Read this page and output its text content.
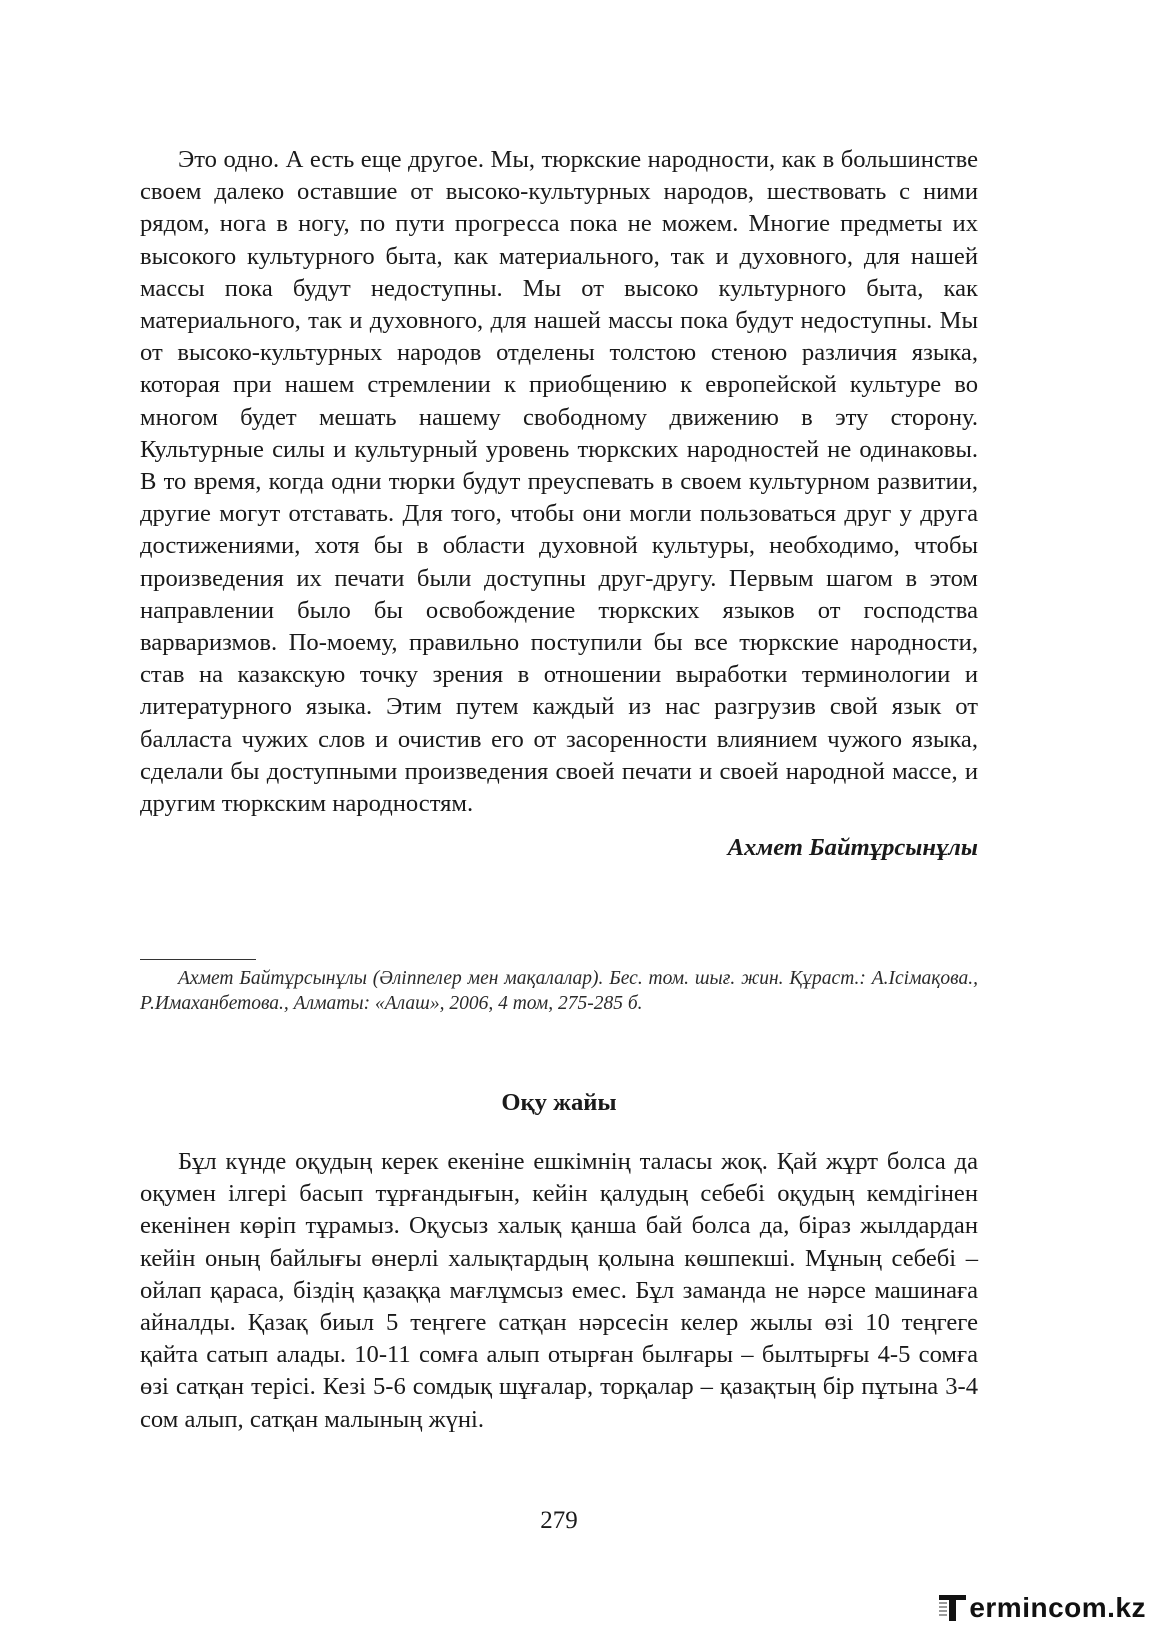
Это одно. А есть еще другое. Мы, тюркские народности, как в большинстве своем далеко оставшие от высоко-культурных народов, шествовать с ними рядом, нога в ногу, по пути прогресса пока не можем. Многие предметы их высокого культурного быта, как материального, так и духовного, для нашей массы пока будут недоступны. Мы от высоко культурного быта, как материального, так и духовного, для нашей массы пока будут недоступны. Мы от высоко-культурных народов отделены толстою стеною различия языка, которая при нашем стремлении к приобщению к европейской культуре во многом будет мешать нашему свободному движению в эту сторону. Культурные силы и культурный уровень тюркских народностей не одинаковы. В то время, когда одни тюрки будут преуспевать в своем культурном развитии, другие могут отставать. Для того, чтобы они могли пользоваться друг у друга достижениями, хотя бы в области духовной культуры, необходимо, чтобы произведения их печати были доступны друг-другу. Первым шагом в этом направлении было бы освобождение тюркских языков от господства варваризмов. По-моему, правильно поступили бы все тюркские народности, став на казакскую точку зрения в отношении выработки терминологии и литературного языка. Этим путем каждый из нас разгрузив свой язык от балласта чужих слов и очистив его от засоренности влиянием чужого языка, сделали бы доступными произведения своей печати и своей народной массе, и другим тюркским народностям.

Ахмет Байтұрсынұлы

Ахмет Байтұрсынұлы (Әліппелер мен мақалалар). Бес. том. шығ. жин. Құраст.: А.Ісімақова., Р.Имаханбетова., Алматы: «Алаш», 2006, 4 том, 275-285 б.

Оқу жайы

Бұл күнде оқудың керек екеніне ешкімнің таласы жоқ. Қай жұрт болса да оқумен ілгері басып тұрғандығын, кейін қалудың себебі оқудың кемдігінен екенінен көріп тұрамыз. Оқусыз халық қанша бай болса да, біраз жылдардан кейін оның байлығы өнерлі халықтардың қолына көшпекші. Мұның себебі – ойлап қараса, біздің қазаққа мағлұмсыз емес. Бұл заманда не нәрсе машинаға айналды. Қазақ биыл 5 теңгеге сатқан нәрсесін келер жылы өзі 10 теңгеге қайта сатып алады. 10-11 сомға алып отырған былғары – былтырғы 4-5 сомға өзі сатқан терісі. Кезі 5-6 сомдық шұғалар, торқалар – қазақтың бір пұтына 3-4 сом алып, сатқан малының жүні.

279

ermincom.kz
